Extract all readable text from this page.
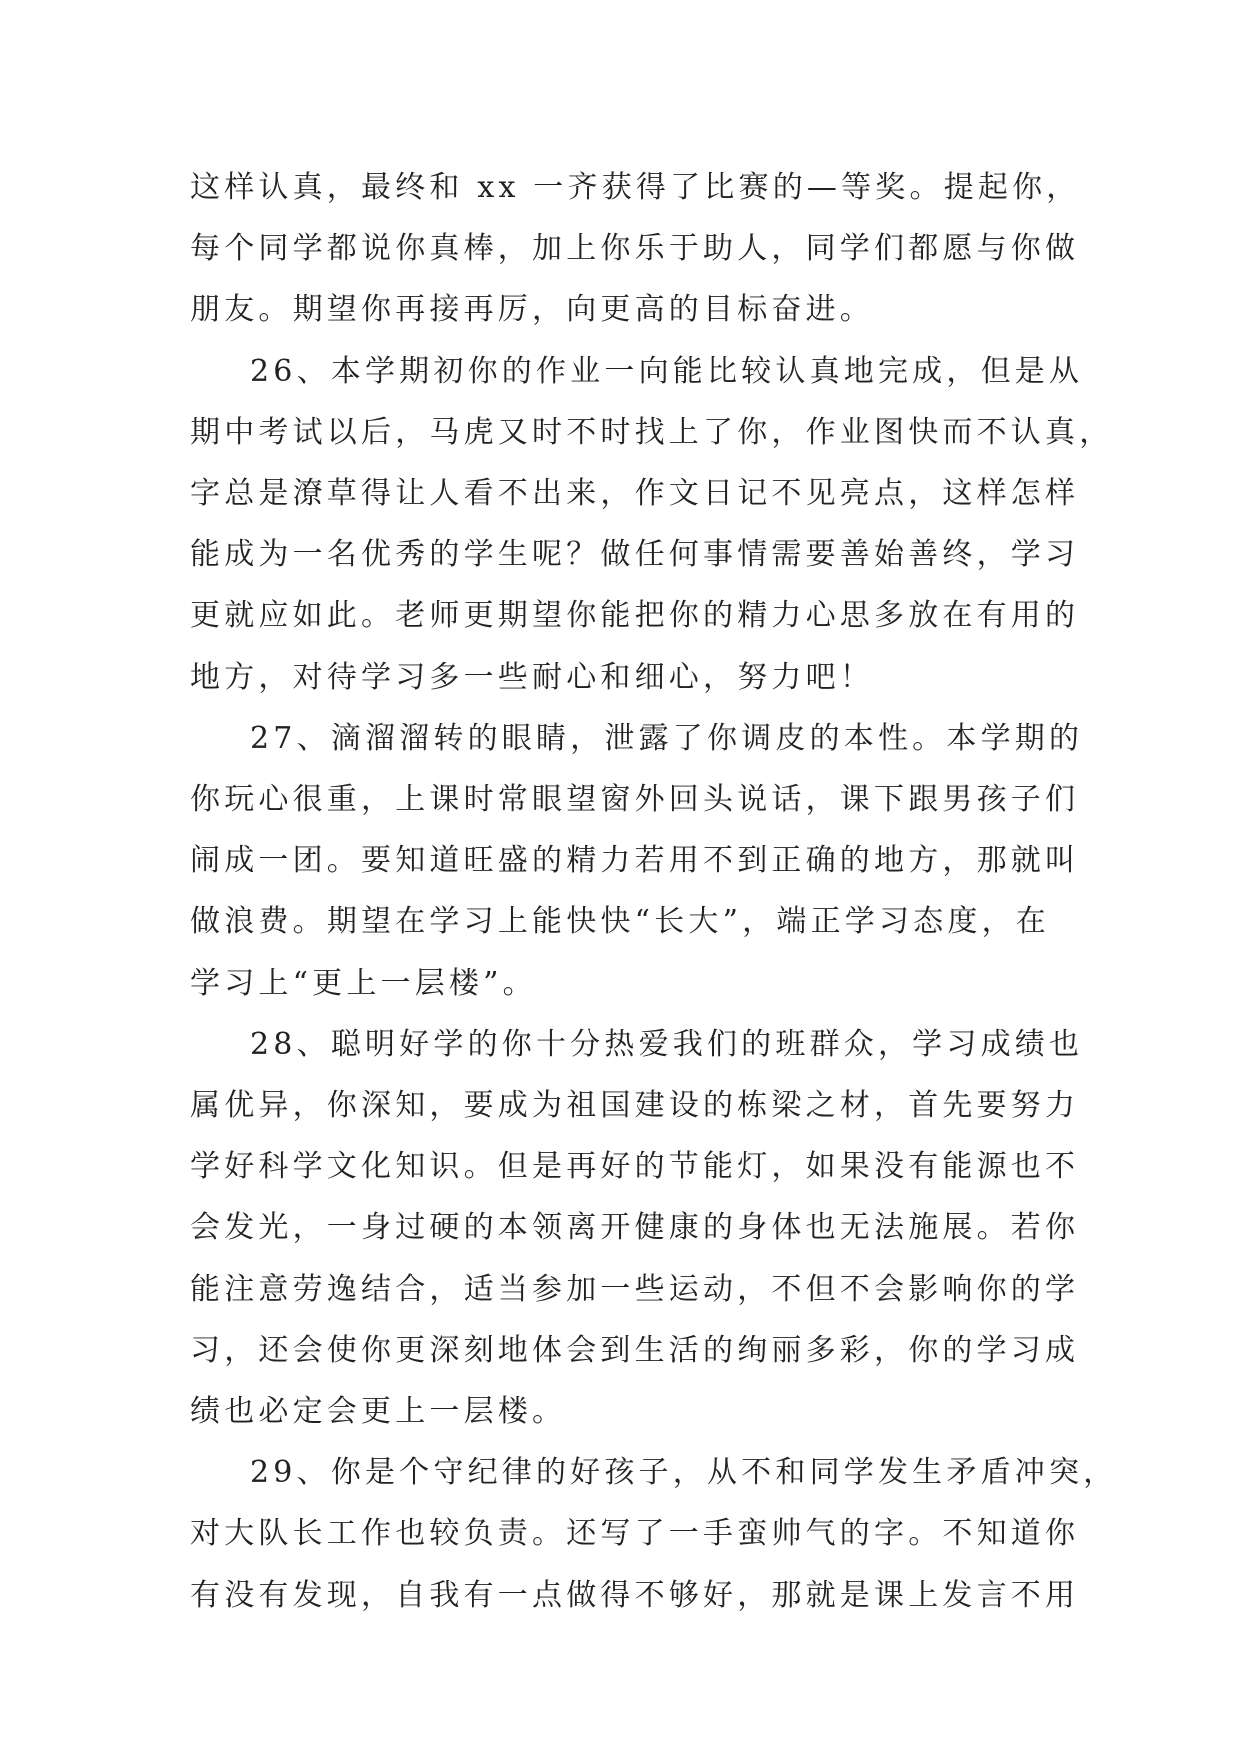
这样认真，最终和 xx 一齐获得了比赛的—等奖。提起你，
每个同学都说你真棒，加上你乐于助人，同学们都愿与你做
朋友。期望你再接再厉，向更高的目标奋进。
26、本学期初你的作业一向能比较认真地完成，但是从
期中考试以后，马虎又时不时找上了你，作业图快而不认真，
字总是潦草得让人看不出来，作文日记不见亮点，这样怎样
能成为一名优秀的学生呢？做任何事情需要善始善终，学习
更就应如此。老师更期望你能把你的精力心思多放在有用的
地方，对待学习多一些耐心和细心，努力吧！
27、滴溜溜转的眼睛，泄露了你调皮的本性。本学期的
你玩心很重，上课时常眼望窗外回头说话，课下跟男孩子们
闹成一团。要知道旺盛的精力若用不到正确的地方，那就叫
做浪费。期望在学习上能快快“长大”，端正学习态度，在
学习上“更上一层楼”。
28、聪明好学的你十分热爱我们的班群众，学习成绩也
属优异，你深知，要成为祖国建设的栋梁之材，首先要努力
学好科学文化知识。但是再好的节能灯，如果没有能源也不
会发光，一身过硬的本领离开健康的身体也无法施展。若你
能注意劳逸结合，适当参加一些运动，不但不会影响你的学
习，还会使你更深刻地体会到生活的绚丽多彩，你的学习成
绩也必定会更上一层楼。
29、你是个守纪律的好孩子，从不和同学发生矛盾冲突，
对大队长工作也较负责。还写了一手蛮帅气的字。不知道你
有没有发现，自我有一点做得不够好，那就是课上发言不用
